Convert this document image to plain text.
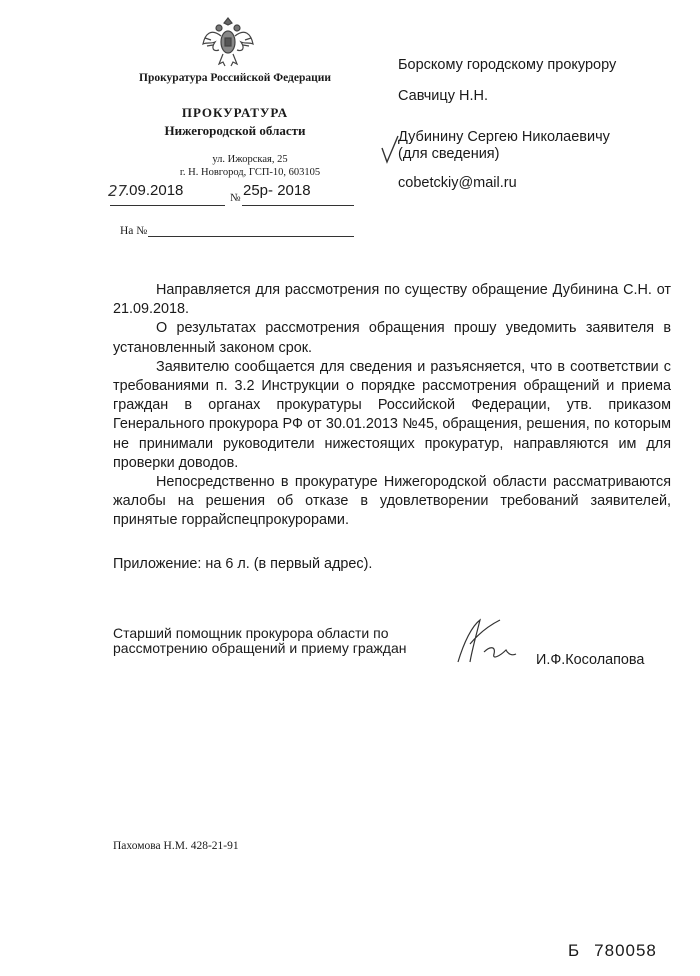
Прокуратура Российской Федерации
ПРОКУРАТУРА
Нижегородской области
ул. Ижорская, 25
г. Н. Новгород, ГСП-10, 603105
27
.09.2018	№ 25р- 2018
На №
Борскому городскому прокурору
Савчицу Н.Н.
Дубинину Сергею Николаевичу
(для сведения)
cobetckiy@mail.ru

Направляется для рассмотрения по существу обращение Дубинина С.Н. от 21.09.2018.

О результатах рассмотрения обращения прошу уведомить заявителя в установленный законом срок.

Заявителю сообщается для сведения и разъясняется, что в соответствии с требованиями п. 3.2 Инструкции о порядке рассмотрения обращений и приема граждан в органах прокуратуры Российской Федерации, утв. приказом Генерального прокурора РФ от 30.01.2013 №45, обращения, решения, по которым не принимали руководители нижестоящих прокуратур, направляются им для проверки доводов.

Непосредственно в прокуратуре Нижегородской области рассматриваются жалобы на решения об отказе в удовлетворении требований заявителей, принятые горрайспецпрокурорами.

Приложение: на 6 л. (в первый адрес).
Старший помощник прокурора области по рассмотрению обращений и приему граждан
И.Ф.Косолапова
Пахомова Н.М. 428-21-91
Б 780058
